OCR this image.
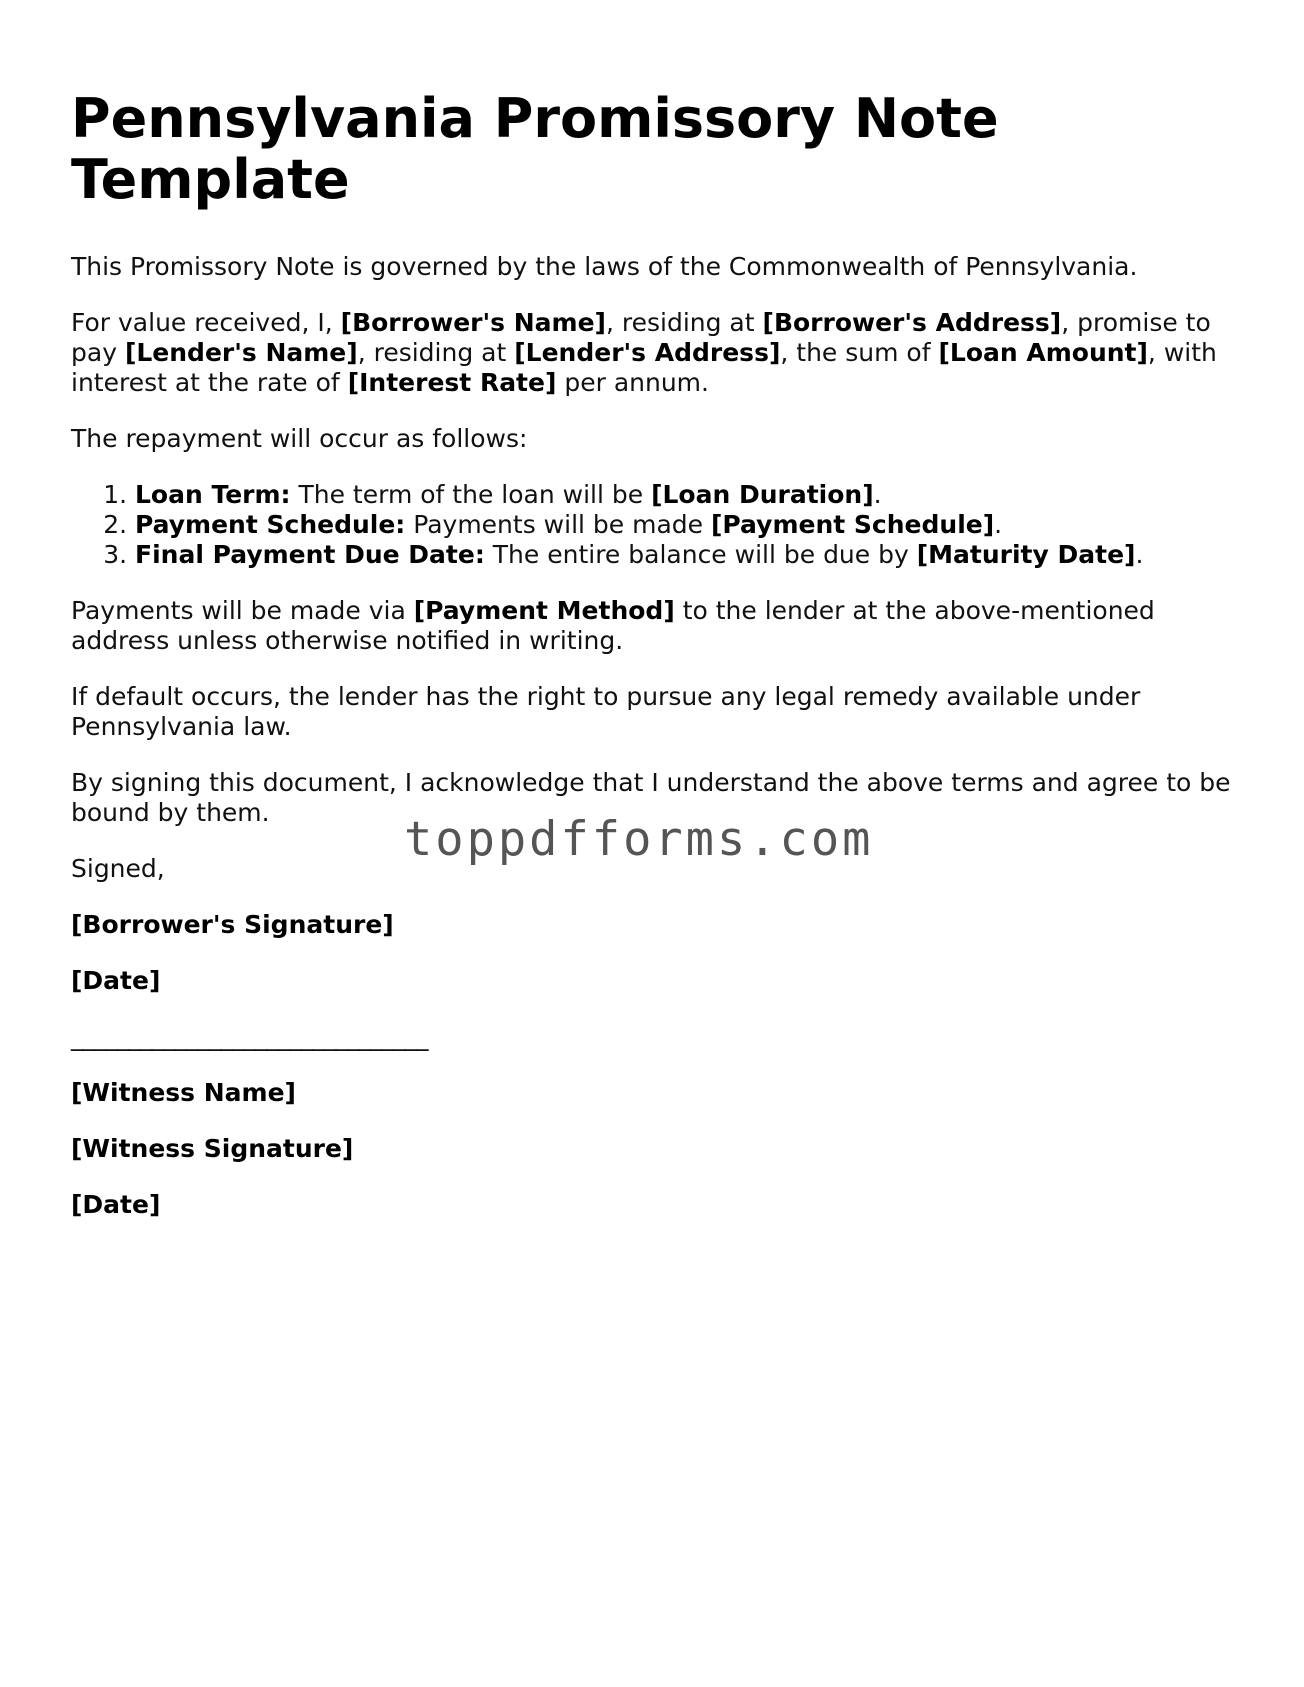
Pennsylvania Promissory Note Template

This Promissory Note is governed by the laws of the Commonwealth of Pennsylvania.

For value received, I, [Borrower's Name], residing at [Borrower's Address], promise to pay [Lender's Name], residing at [Lender's Address], the sum of [Loan Amount], with interest at the rate of [Interest Rate] per annum.

The repayment will occur as follows:

1. Loan Term: The term of the loan will be [Loan Duration].
2. Payment Schedule: Payments will be made [Payment Schedule].
3. Final Payment Due Date: The entire balance will be due by [Maturity Date].

Payments will be made via [Payment Method] to the lender at the above-mentioned address unless otherwise notified in writing.

If default occurs, the lender has the right to pursue any legal remedy available under Pennsylvania law.

By signing this document, I acknowledge that I understand the above terms and agree to be bound by them.

Signed,

[Borrower's Signature]

[Date]

_______________________________

[Witness Name]

[Witness Signature]

[Date]

toppdfforms.com
